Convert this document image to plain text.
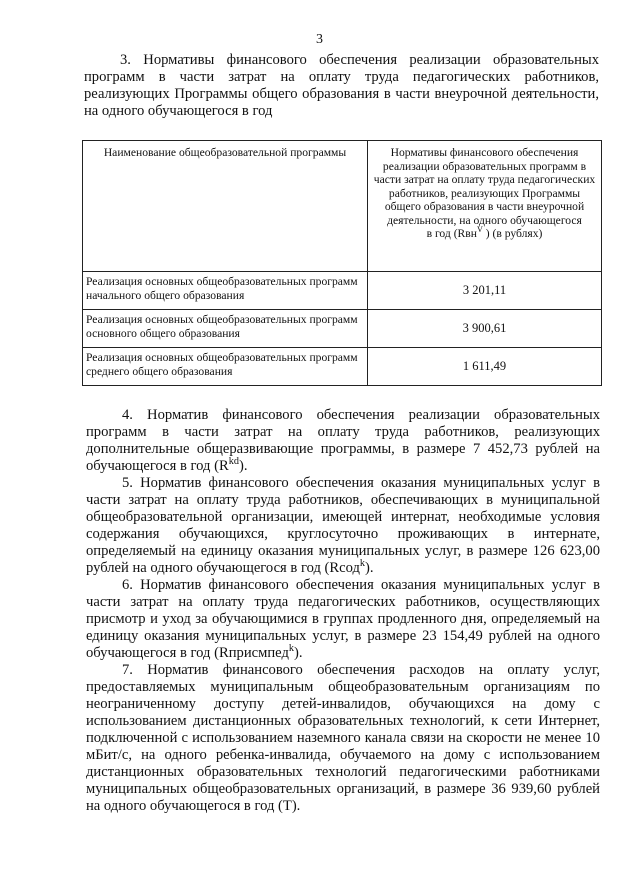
3
3. Нормативы финансового обеспечения реализации образовательных программ в части затрат на оплату труда педагогических работников, реализующих Программы общего образования в части внеурочной деятельности, на одного обучающегося в год
Наименование общеобразовательной программы	Нормативы финансового обеспечения реализации образовательных программ в части затрат на оплату труда педагогических работников, реализующих Программы общего образования в части внеурочной деятельности, на одного обучающегося
в год (Rвн$^V$ ) (в рублях)
Реализация основных общеобразовательных программ начального общего образования	3 201,11
Реализация основных общеобразовательных программ основного общего образования	3 900,61
Реализация основных общеобразовательных программ среднего общего образования	1 611,49

4. Норматив финансового обеспечения реализации образовательных программ в части затрат на оплату труда работников, реализующих дополнительные общеразвивающие программы, в размере 7 452,73 рублей на обучающегося в год $(R^{kd})$.

5. Норматив финансового обеспечения оказания муниципальных услуг в части затрат на оплату труда работников, обеспечивающих в муниципальной общеобразовательной организации, имеющей интернат, необходимые условия содержания обучающихся, круглосуточно проживающих в интернате, определяемый на единицу оказания муниципальных услуг, в размере 126 623,00 рублей на одного обучающегося в год (Rсод$^k$).

6. Норматив финансового обеспечения оказания муниципальных услуг в части затрат на оплату труда педагогических работников, осуществляющих присмотр и уход за обучающимися в группах продленного дня, определяемый на единицу оказания муниципальных услуг, в размере 23 154,49 рублей на одного обучающегося в год (Rприсмпед$^k$).

7. Норматив финансового обеспечения расходов на оплату услуг, предоставляемых муниципальным общеобразовательным организациям по неограниченному доступу детей-инвалидов, обучающихся на дому с использованием дистанционных образовательных технологий, к сети Интернет, подключенной с использованием наземного канала связи на скорости не менее 10 мБит/с, на одного ребенка-инвалида, обучаемого на дому с использованием дистанционных образовательных технологий педагогическими работниками муниципальных общеобразовательных организаций, в размере 36 939,60 рублей на одного обучающегося в год (Т).
